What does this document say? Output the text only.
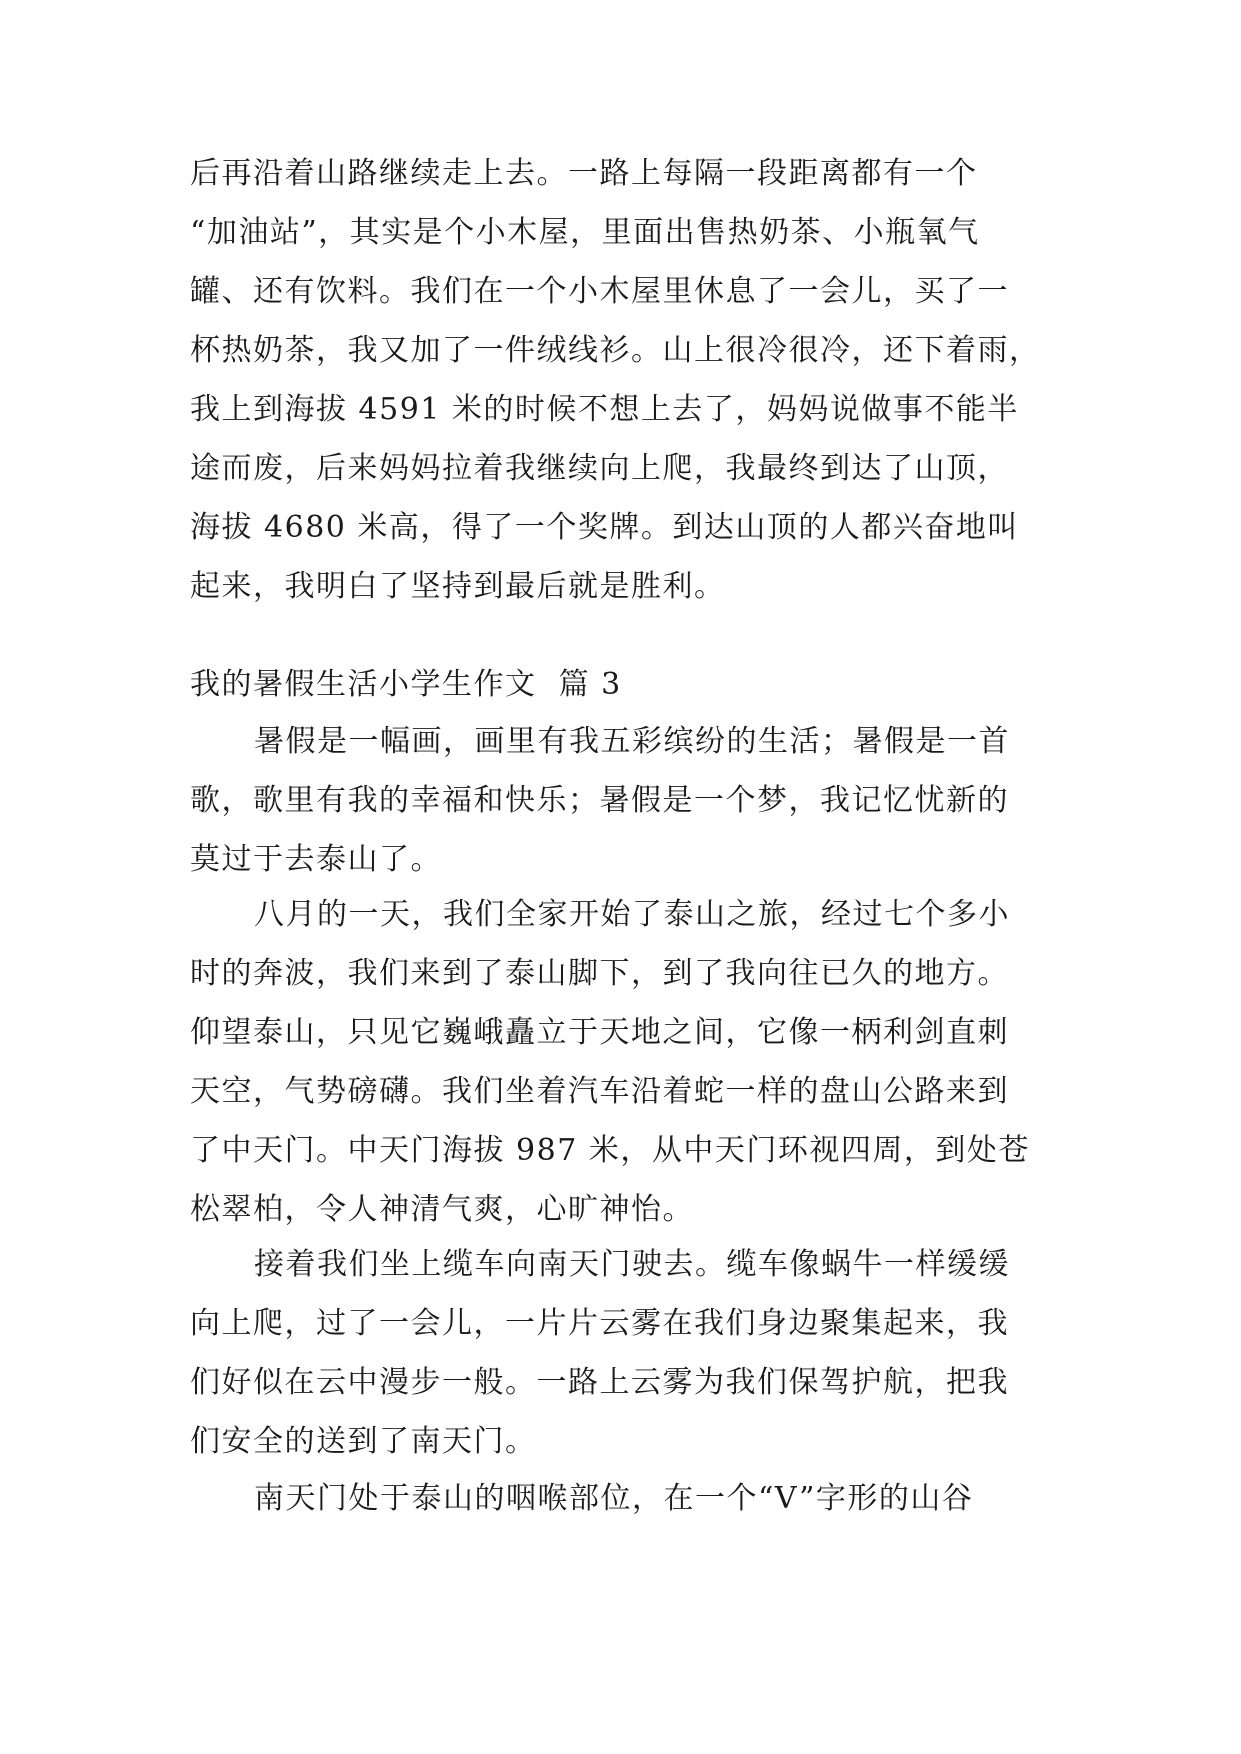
后再沿着山路继续走上去。一路上每隔一段距离都有一个
“加油站”，其实是个小木屋，里面出售热奶茶、小瓶氧气
罐、还有饮料。我们在一个小木屋里休息了一会儿，买了一
杯热奶茶，我又加了一件绒线衫。山上很冷很冷，还下着雨，
我上到海拔 4591 米的时候不想上去了，妈妈说做事不能半
途而废，后来妈妈拉着我继续向上爬，我最终到达了山顶，
海拔 4680 米高，得了一个奖牌。到达山顶的人都兴奋地叫
起来，我明白了坚持到最后就是胜利。
我的暑假生活小学生作文  篇 3
暑假是一幅画，画里有我五彩缤纷的生活；暑假是一首
歌，歌里有我的幸福和快乐；暑假是一个梦，我记忆忧新的
莫过于去泰山了。
八月的一天，我们全家开始了泰山之旅，经过七个多小
时的奔波，我们来到了泰山脚下，到了我向往已久的地方。
仰望泰山，只见它巍峨矗立于天地之间，它像一柄利剑直刺
天空，气势磅礴。我们坐着汽车沿着蛇一样的盘山公路来到
了中天门。中天门海拔 987 米，从中天门环视四周，到处苍
松翠柏，令人神清气爽，心旷神怡。
接着我们坐上缆车向南天门驶去。缆车像蜗牛一样缓缓
向上爬，过了一会儿，一片片云雾在我们身边聚集起来，我
们好似在云中漫步一般。一路上云雾为我们保驾护航，把我
们安全的送到了南天门。
南天门处于泰山的咽喉部位，在一个“V”字形的山谷
